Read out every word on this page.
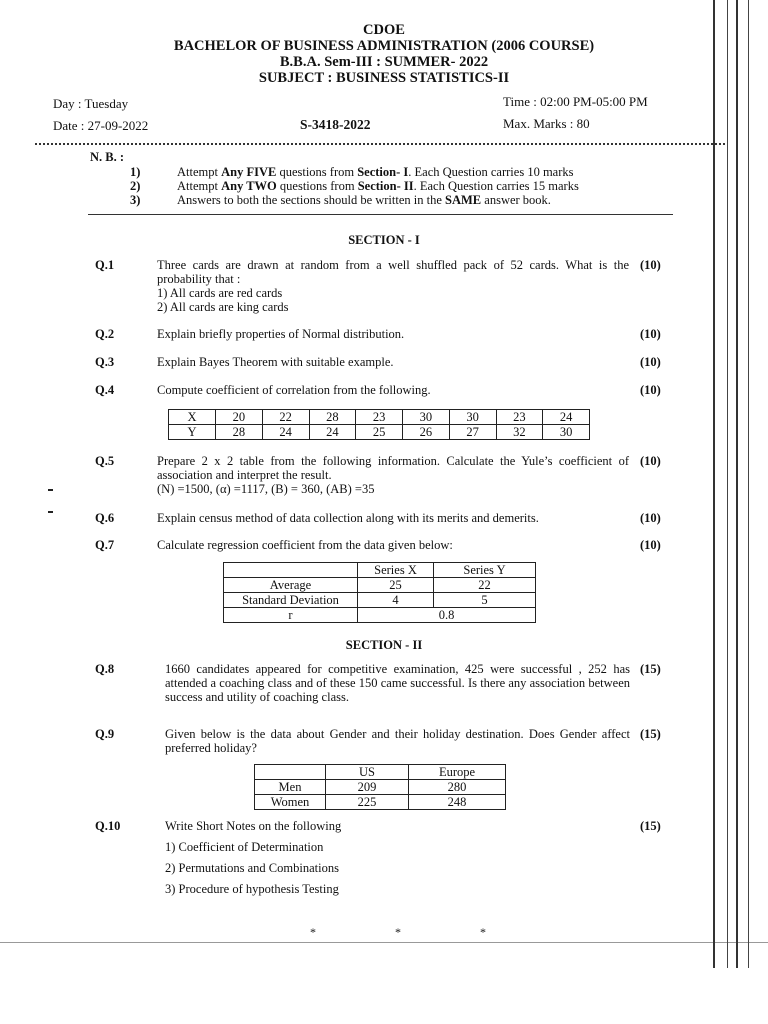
CDOE
BACHELOR OF BUSINESS ADMINISTRATION (2006 COURSE)
B.B.A. Sem-III : SUMMER- 2022
SUBJECT : BUSINESS STATISTICS-II
Day : Tuesday
Date : 27-09-2022	S-3418-2022
Time : 02:00 PM-05:00 PM
Max. Marks : 80
N. B. :
1)	Attempt Any FIVE questions from Section- I. Each Question carries 10 marks
2)	Attempt Any TWO questions from Section- II. Each Question carries 15 marks
3)	Answers to both the sections should be written in the SAME answer book.
SECTION - I
Q.1	Three cards are drawn at random from a well shuffled pack of 52 cards. What is the probability that :
1) All cards are red cards
2) All cards are king cards
(10)
Q.2	Explain briefly properties of Normal distribution.	(10)
Q.3	Explain Bayes Theorem with suitable example.	(10)
Q.4	Compute coefficient of correlation from the following.	(10)
X	20	22	28	23	30	30	23	24
Y	28	24	24	25	26	27	32	30
Q.5	Prepare 2 x 2 table from the following information. Calculate the Yule’s coefficient of association and interpret the result.
(N) =1500, (α) =1117, (B) = 360, (AB) =35
(10)
Q.6	Explain census method of data collection along with its merits and demerits.	(10)
Q.7	Calculate regression coefficient from the data given below:	(10)
	Series X	Series Y
Average	25	22
Standard Deviation	4	5
r	0.8	
SECTION - II
Q.8	1660 candidates appeared for competitive examination, 425 were successful , 252 has attended a coaching class and of these 150 came successful. Is there any association between success and utility of coaching class.
(15)
Q.9	Given below is the data about Gender and their holiday destination. Does Gender affect preferred holiday?
(15)
	US	Europe
Men	209	280
Women	225	248
Q.10	Write Short Notes on the following	(15)
1) Coefficient of Determination
2) Permutations and Combinations
3) Procedure of hypothesis Testing
* * *
